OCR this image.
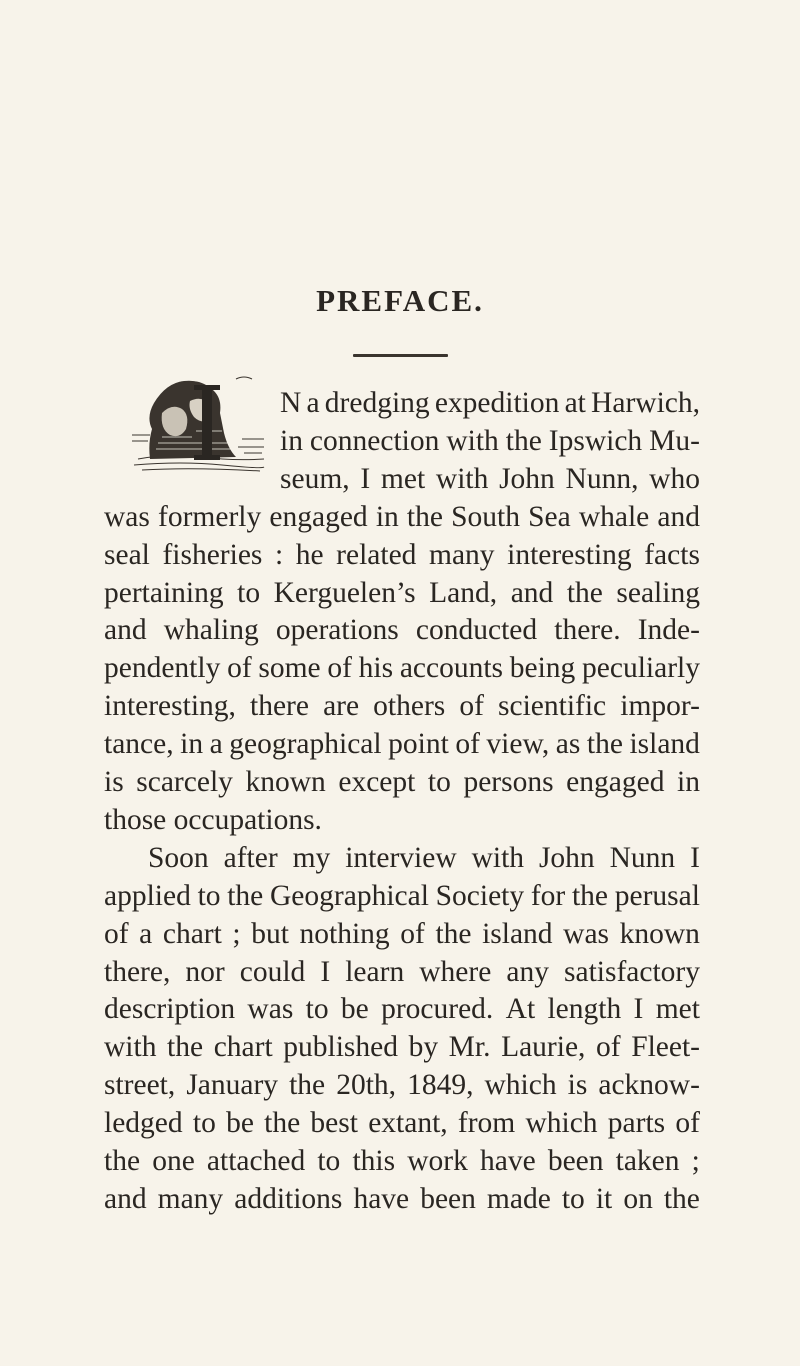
PREFACE.
N a dredging expedition at Harwich,
in connection with the Ipswich Mu-
seum, I met with John Nunn, who
was formerly engaged in the South Sea whale and
seal fisheries : he related many interesting facts
pertaining to Kerguelen’s Land, and the sealing
and whaling operations conducted there. Inde-
pendently of some of his accounts being peculiarly
interesting, there are others of scientific impor-
tance, in a geographical point of view, as the island
is scarcely known except to persons engaged in
those occupations.
Soon after my interview with John Nunn I
applied to the Geographical Society for the perusal
of a chart ; but nothing of the island was known
there, nor could I learn where any satisfactory
description was to be procured. At length I met
with the chart published by Mr. Laurie, of Fleet-
street, January the 20th, 1849, which is acknow-
ledged to be the best extant, from which parts of
the one attached to this work have been taken ;
and many additions have been made to it on the
